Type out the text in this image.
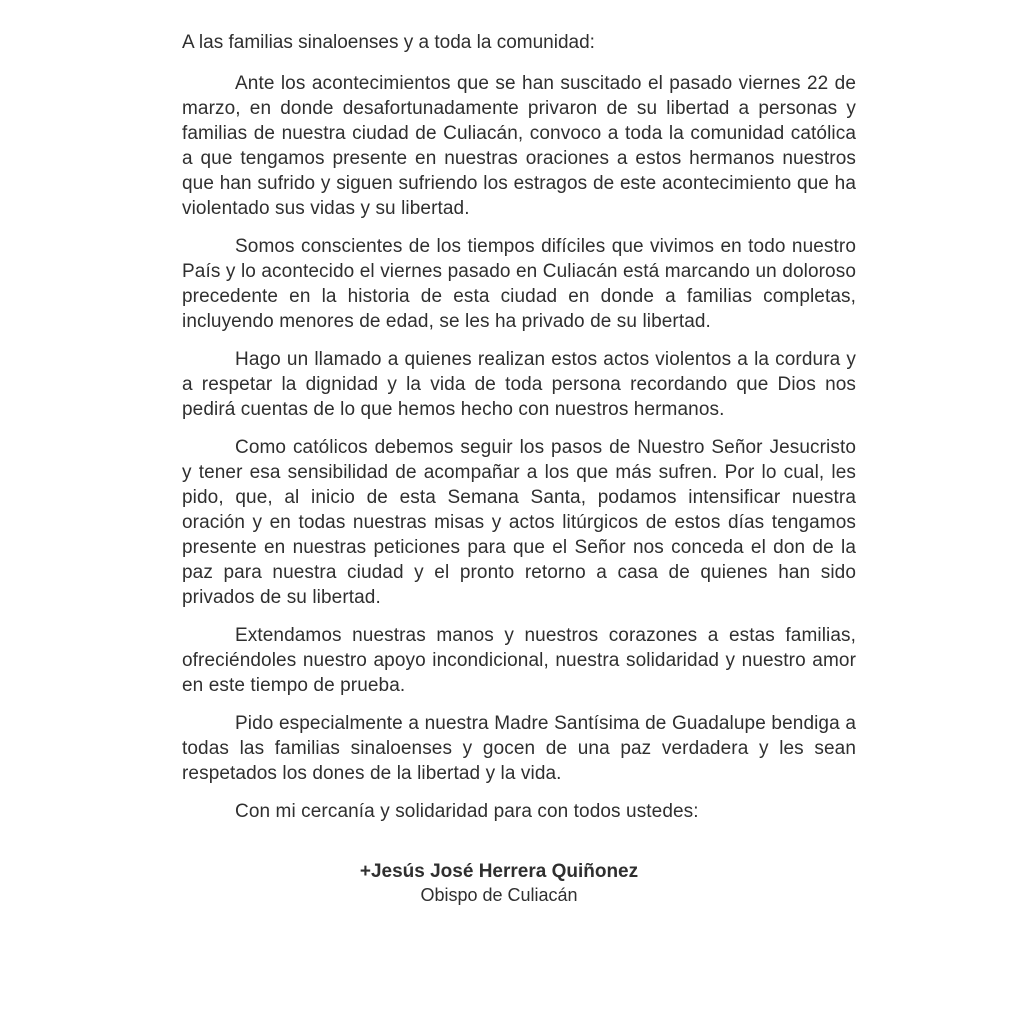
A las familias sinaloenses y a toda la comunidad:

Ante los acontecimientos que se han suscitado el pasado viernes 22 de marzo, en donde desafortunadamente privaron de su libertad a personas y familias de nuestra ciudad de Culiacán, convoco a toda la comunidad católica a que tengamos presente en nuestras oraciones a estos hermanos nuestros que han sufrido y siguen sufriendo los estragos de este acontecimiento que ha violentado sus vidas y su libertad.

Somos conscientes de los tiempos difíciles que vivimos en todo nuestro País y lo acontecido el viernes pasado en Culiacán está marcando un doloroso precedente en la historia de esta ciudad en donde a familias completas, incluyendo menores de edad, se les ha privado de su libertad.

Hago un llamado a quienes realizan estos actos violentos a la cordura y a respetar la dignidad y la vida de toda persona recordando que Dios nos pedirá cuentas de lo que hemos hecho con nuestros hermanos.

Como católicos debemos seguir los pasos de Nuestro Señor Jesucristo y tener esa sensibilidad de acompañar a los que más sufren. Por lo cual, les pido, que, al inicio de esta Semana Santa, podamos intensificar nuestra oración y en todas nuestras misas y actos litúrgicos de estos días tengamos presente en nuestras peticiones para que el Señor nos conceda el don de la paz para nuestra ciudad y el pronto retorno a casa de quienes han sido privados de su libertad.

Extendamos nuestras manos y nuestros corazones a estas familias, ofreciéndoles nuestro apoyo incondicional, nuestra solidaridad y nuestro amor en este tiempo de prueba.

Pido especialmente a nuestra Madre Santísima de Guadalupe bendiga a todas las familias sinaloenses y gocen de una paz verdadera y les sean respetados los dones de la libertad y la vida.

Con mi cercanía y solidaridad para con todos ustedes:

+Jesús José Herrera Quiñonez
Obispo de Culiacán
